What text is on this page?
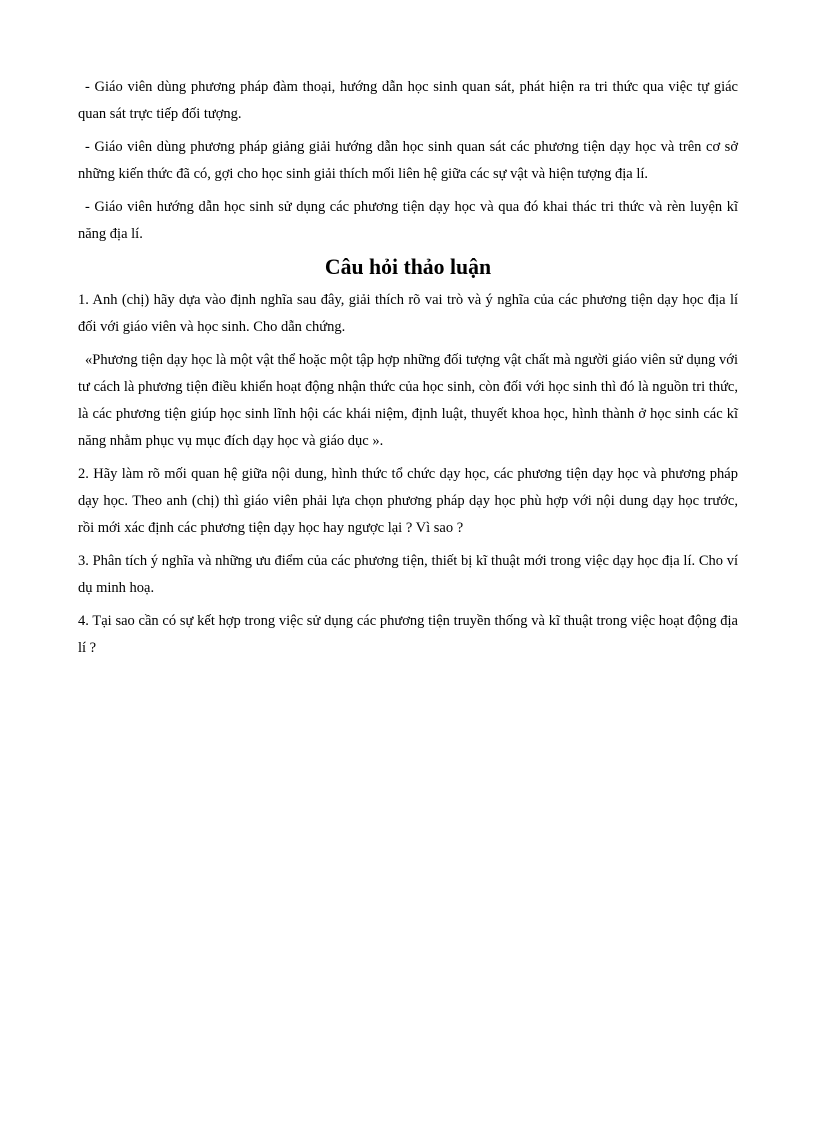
- Giáo viên dùng phương pháp đàm thoại, hướng dẫn học sinh quan sát, phát hiện ra tri thức qua việc tự giác quan sát trực tiếp đối tượng.

- Giáo viên dùng phương pháp giảng giải hướng dẫn học sinh quan sát các phương tiện dạy học và trên cơ sở những kiến thức đã có, gợi cho học sinh giải thích mối liên hệ giữa các sự vật và hiện tượng địa lí.

- Giáo viên hướng dẫn học sinh sử dụng các phương tiện dạy học và qua đó khai thác tri thức và rèn luyện kĩ năng địa lí.

Câu hỏi thảo luận

1. Anh (chị) hãy dựa vào định nghĩa sau đây, giải thích rõ vai trò và ý nghĩa của các phương tiện dạy học địa lí đối với giáo viên và học sinh. Cho dẫn chứng.

«Phương tiện dạy học là một vật thể hoặc một tập hợp những đối tượng vật chất mà người giáo viên sử dụng với tư cách là phương tiện điều khiển hoạt động nhận thức của học sinh, còn đối với học sinh thì đó là nguồn tri thức, là các phương tiện giúp học sinh lĩnh hội các khái niệm, định luật, thuyết khoa học, hình thành ở học sinh các kĩ năng nhằm phục vụ mục đích dạy học và giáo dục ».

2. Hãy làm rõ mối quan hệ giữa nội dung, hình thức tổ chức dạy học, các phương tiện dạy học và phương pháp dạy học. Theo anh (chị) thì giáo viên phải lựa chọn phương pháp dạy học phù hợp với nội dung dạy học trước, rồi mới xác định các phương tiện dạy học hay ngược lại ? Vì sao ?

3. Phân tích ý nghĩa và những ưu điểm của các phương tiện, thiết bị kĩ thuật mới trong việc dạy học địa lí. Cho ví dụ minh hoạ.

4. Tại sao cần có sự kết hợp trong việc sử dụng các phương tiện truyền thống và kĩ thuật trong việc hoạt động địa lí ?
